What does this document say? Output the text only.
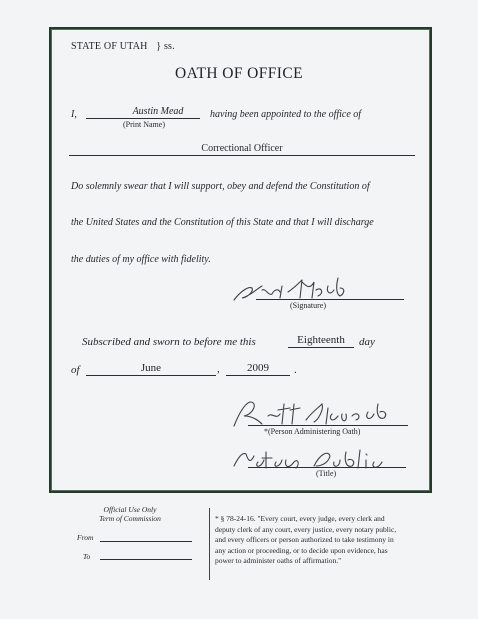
STATE OF UTAH } ss.
OATH OF OFFICE
I,	Austin Mead
(Print Name)
having been appointed to the office of
Correctional Officer
Do solemnly swear that I will support, obey and defend the Constitution of
the United States and the Constitution of this State and that I will discharge
the duties of my office with fidelity.
(Signature)
Subscribed and sworn to before me this	Eighteenth	day
of	June	,	2009	.
*(Person Administering Oath)
(Title)
Official Use Only
Term of Commission
From
To
* § 78-24-16. "Every court, every judge, every clerk and
deputy clerk of any court, every justice, every notary public,
and every officers or person authorized to take testimony in
any action or proceeding, or to decide upon evidence, has
power to administer oaths of affirmation."
